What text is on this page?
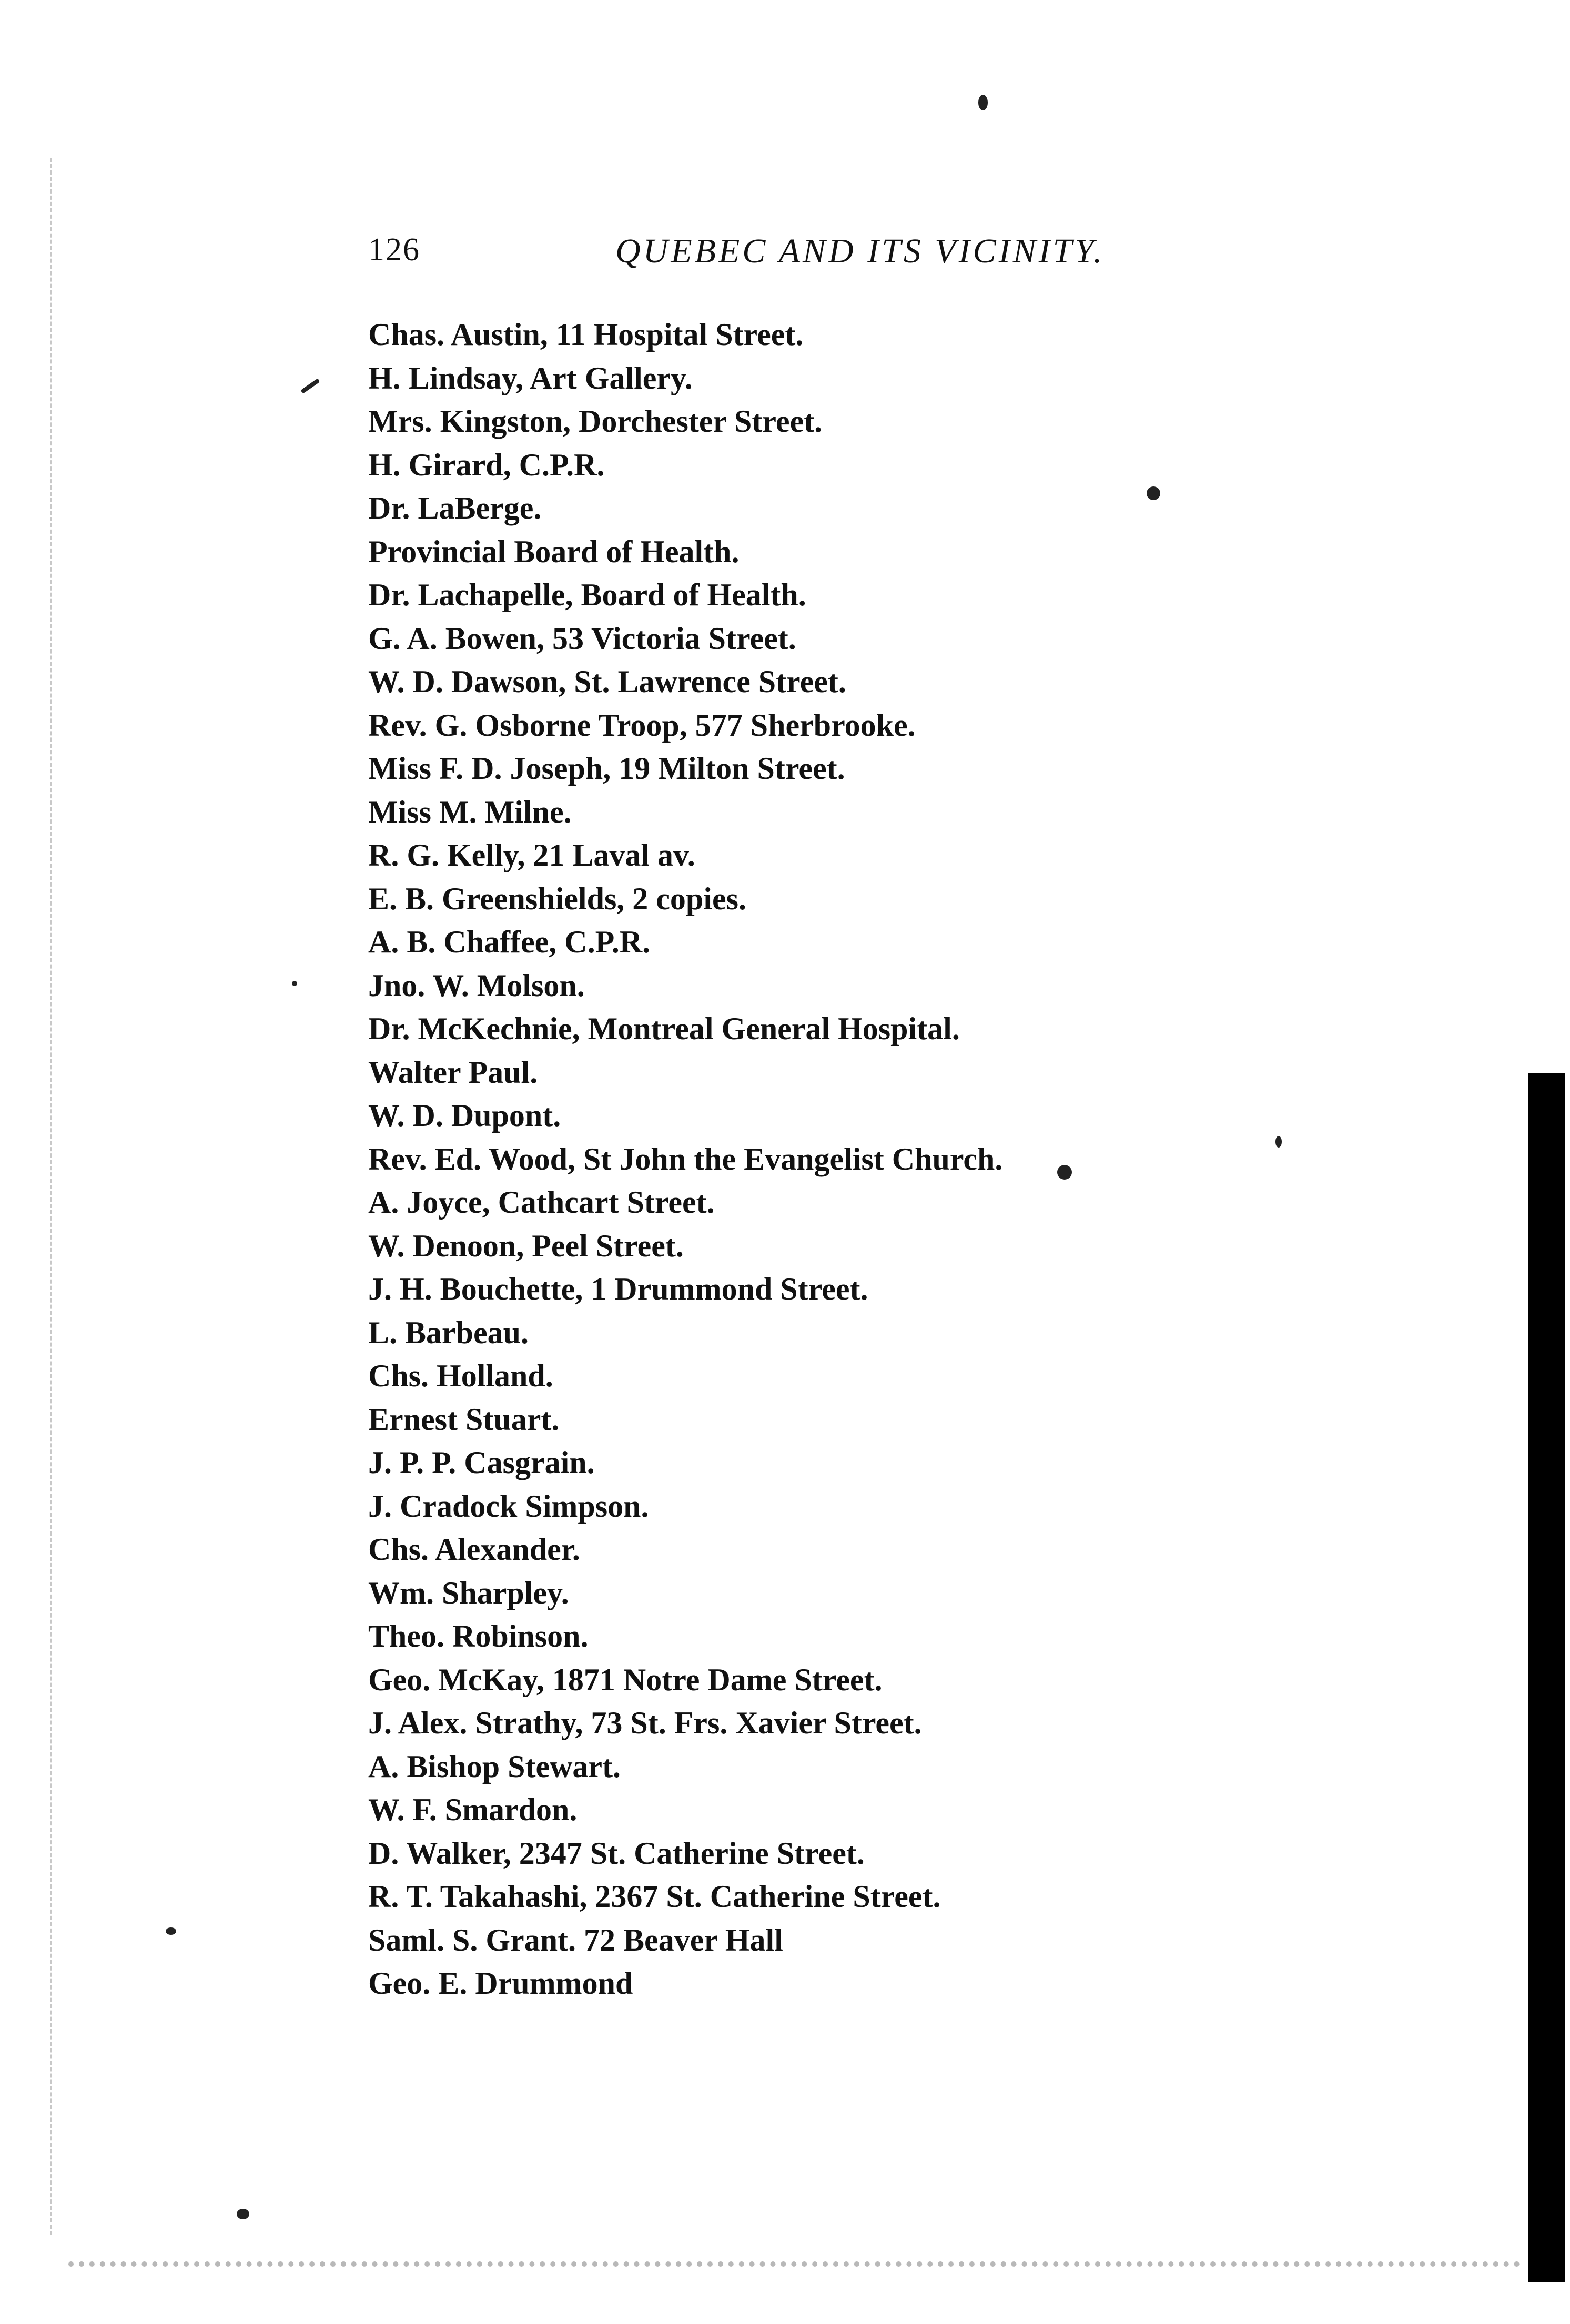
126	QUEBEC AND ITS VICINITY.
Chas. Austin, 11 Hospital Street.
H. Lindsay, Art Gallery.
Mrs. Kingston, Dorchester Street.
H. Girard, C.P.R.
Dr. LaBerge.
Provincial Board of Health.
Dr. Lachapelle, Board of Health.
G. A. Bowen, 53 Victoria Street.
W. D. Dawson, St. Lawrence Street.
Rev. G. Osborne Troop, 577 Sherbrooke.
Miss F. D. Joseph, 19 Milton Street.
Miss M. Milne.
R. G. Kelly, 21 Laval av.
E. B. Greenshields, 2 copies.
A. B. Chaffee, C.P.R.
Jno. W. Molson.
Dr. McKechnie, Montreal General Hospital.
Walter Paul.
W. D. Dupont.
Rev. Ed. Wood, St John the Evangelist Church.
A. Joyce, Cathcart Street.
W. Denoon, Peel Street.
J. H. Bouchette, 1 Drummond Street.
L. Barbeau.
Chs. Holland.
Ernest Stuart.
J. P. P. Casgrain.
J. Cradock Simpson.
Chs. Alexander.
Wm. Sharpley.
Theo. Robinson.
Geo. McKay, 1871 Notre Dame Street.
J. Alex. Strathy, 73 St. Frs. Xavier Street.
A. Bishop Stewart.
W. F. Smardon.
D. Walker, 2347 St. Catherine Street.
R. T. Takahashi, 2367 St. Catherine Street.
Saml. S. Grant. 72 Beaver Hall
Geo. E. Drummond
